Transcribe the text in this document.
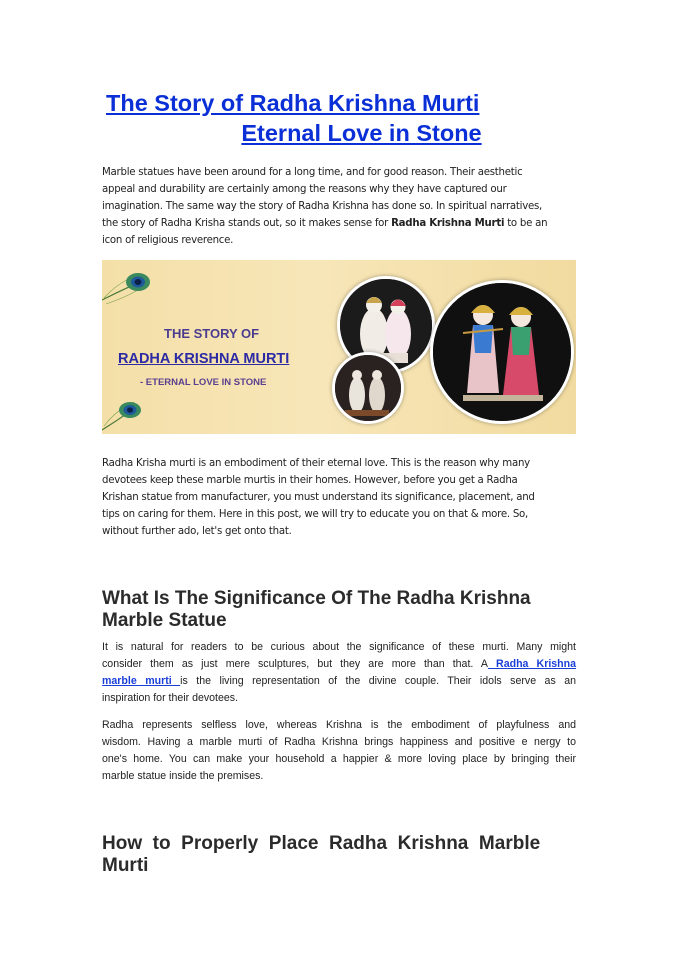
The Story of Radha Krishna Murti
Eternal Love in Stone
Marble statues have been around for a long time, and for good reason. Their aesthetic
appeal and durability are certainly among the reasons why they have captured our
imagination. The same way the story of Radha Krishna has done so. In spiritual narratives,
the story of Radha Krisha stands out, so it makes sense for Radha Krishna Murti to be an
icon of religious reverence.
THE STORY OF
RADHA KRISHNA MURTI
- ETERNAL LOVE IN STONE
Radha Krisha murti is an embodiment of their eternal love. This is the reason why many
devotees keep these marble murtis in their homes. However, before you get a Radha
Krishan statue from manufacturer, you must understand its significance, placement, and
tips on caring for them. Here in this post, we will try to educate you on that & more. So,
without further ado, let's get onto that.
What Is The Significance Of The Radha Krishna
Marble Statue
It is natural for readers to be curious about the significance of these murti. Many might
consider them as just mere sculptures, but they are more than that. A Radha Krishna
marble murti is the living representation of the divine couple. Their idols serve as an
inspiration for their devotees.
Radha represents selfless love, whereas Krishna is the embodiment of playfulness and
wisdom. Having a marble murti of Radha Krishna brings happiness and positive e nergy to
one's home. You can make your household a happier & more loving place by bringing their
marble statue inside the premises.
How  to  Properly  Place  Radha  Krishna  Marble
Murti
